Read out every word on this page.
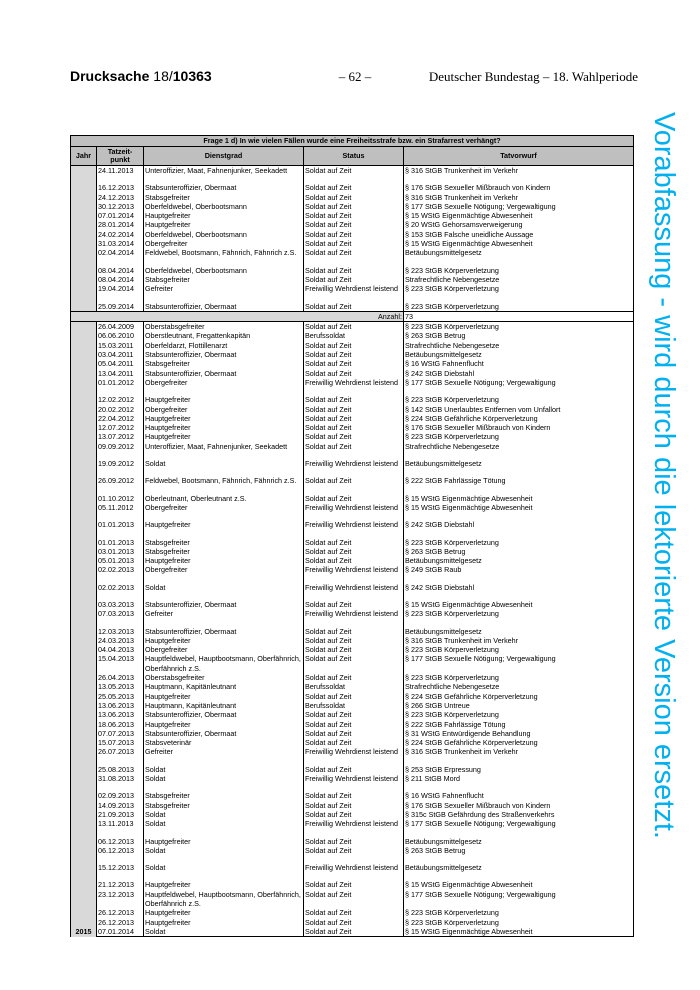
Drucksache 18/10363	– 62 –	Deutscher Bundestag – 18. Wahlperiode
Vorabfassung - wird durch die lektorierte Version ersetzt.
Frage 1 d) In wie vielen Fällen wurde eine Freiheitsstrafe bzw. ein Strafarrest verhängt?				
Jahr	Tatzeit-punkt	Dienstgrad	Status	Tatvorwurf
	24.11.2013	Unteroffizier, Maat, Fahnenjunker, Seekadett	Soldat auf Zeit	§ 316 StGB Trunkenheit im Verkehr

	16.12.2013	Stabsunteroffizier, Obermaat	Soldat auf Zeit	§ 176 StGB Sexueller Mißbrauch von Kindern
	24.12.2013	Stabsgefreiter	Soldat auf Zeit	§ 316 StGB Trunkenheit im Verkehr
	30.12.2013	Oberfeldwebel, Oberbootsmann	Soldat auf Zeit	§ 177 StGB Sexuelle Nötigung; Vergewaltigung
	07.01.2014	Hauptgefreiter	Soldat auf Zeit	§ 15 WStG Eigenmächtige Abwesenheit
	28.01.2014	Hauptgefreiter	Soldat auf Zeit	§ 20 WStG Gehorsamsverweigerung
	24.02.2014	Oberfeldwebel, Oberbootsmann	Soldat auf Zeit	§ 153 StGB Falsche uneidliche Aussage
	31.03.2014	Obergefreiter	Soldat auf Zeit	§ 15 WStG Eigenmächtige Abwesenheit
	02.04.2014	Feldwebel, Bootsmann, Fähnrich, Fähnrich z.S.	Soldat auf Zeit	Betäubungsmittelgesetz

	08.04.2014	Oberfeldwebel, Oberbootsmann	Soldat auf Zeit	§ 223 StGB Körperverletzung
	08.04.2014	Stabsgefreiter	Soldat auf Zeit	Strafrechtliche Nebengesetze
	19.04.2014	Gefreiter	Freiwillig Wehrdienst leistend	§ 223 StGB Körperverletzung

	25.09.2014	Stabsunteroffizier, Obermaat	Soldat auf Zeit	§ 223 StGB Körperverletzung
Anzahl:				73
2015	26.04.2009	Oberstabsgefreiter	Soldat auf Zeit	§ 223 StGB Körperverletzung
	06.06.2010	Oberstleutnant, Fregattenkapitän	Berufssoldat	§ 263 StGB Betrug
	15.03.2011	Oberfeldarzt, Flottillenarzt	Soldat auf Zeit	Strafrechtliche Nebengesetze
	03.04.2011	Stabsunteroffizier, Obermaat	Soldat auf Zeit	Betäubungsmittelgesetz
	05.04.2011	Stabsgefreiter	Soldat auf Zeit	§ 16 WStG Fahnenflucht
	13.04.2011	Stabsunteroffizier, Obermaat	Soldat auf Zeit	§ 242 StGB Diebstahl
	01.01.2012	Obergefreiter	Freiwillig Wehrdienst leistend	§ 177 StGB Sexuelle Nötigung; Vergewaltigung

	12.02.2012	Hauptgefreiter	Soldat auf Zeit	§ 223 StGB Körperverletzung
	20.02.2012	Obergefreiter	Soldat auf Zeit	§ 142 StGB Unerlaubtes Entfernen vom Unfallort
	22.04.2012	Hauptgefreiter	Soldat auf Zeit	§ 224 StGB Gefährliche Körperverletzung
	12.07.2012	Hauptgefreiter	Soldat auf Zeit	§ 176 StGB Sexueller Mißbrauch von Kindern
	13.07.2012	Hauptgefreiter	Soldat auf Zeit	§ 223 StGB Körperverletzung
	09.09.2012	Unteroffizier, Maat, Fahnenjunker, Seekadett	Soldat auf Zeit	Strafrechtliche Nebengesetze

	19.09.2012	Soldat	Freiwillig Wehrdienst leistend	Betäubungsmittelgesetz

	26.09.2012	Feldwebel, Bootsmann, Fähnrich, Fähnrich z.S.	Soldat auf Zeit	§ 222 StGB Fahrlässige Tötung

	01.10.2012	Oberleutnant, Oberleutnant z.S.	Soldat auf Zeit	§ 15 WStG Eigenmächtige Abwesenheit
	05.11.2012	Obergefreiter	Freiwillig Wehrdienst leistend	§ 15 WStG Eigenmächtige Abwesenheit

	01.01.2013	Hauptgefreiter	Freiwillig Wehrdienst leistend	§ 242 StGB Diebstahl

	01.01.2013	Stabsgefreiter	Soldat auf Zeit	§ 223 StGB Körperverletzung
	03.01.2013	Stabsgefreiter	Soldat auf Zeit	§ 263 StGB Betrug
	05.01.2013	Hauptgefreiter	Soldat auf Zeit	Betäubungsmittelgesetz
	02.02.2013	Obergefreiter	Freiwillig Wehrdienst leistend	§ 249 StGB Raub

	02.02.2013	Soldat	Freiwillig Wehrdienst leistend	§ 242 StGB Diebstahl

	03.03.2013	Stabsunteroffizier, Obermaat	Soldat auf Zeit	§ 15 WStG Eigenmächtige Abwesenheit
	07.03.2013	Gefreiter	Freiwillig Wehrdienst leistend	§ 223 StGB Körperverletzung

	12.03.2013	Stabsunteroffizier, Obermaat	Soldat auf Zeit	Betäubungsmittelgesetz
	24.03.2013	Hauptgefreiter	Soldat auf Zeit	§ 316 StGB Trunkenheit im Verkehr
	04.04.2013	Obergefreiter	Soldat auf Zeit	§ 223 StGB Körperverletzung
	15.04.2013	Hauptfeldwebel, Hauptbootsmann, Oberfähnrich, Oberfähnrich z.S.	Soldat auf Zeit	§ 177 StGB Sexuelle Nötigung; Vergewaltigung
	26.04.2013	Oberstabsgefreiter	Soldat auf Zeit	§ 223 StGB Körperverletzung
	13.05.2013	Hauptmann, Kapitänleutnant	Berufssoldat	Strafrechtliche Nebengesetze
	25.05.2013	Hauptgefreiter	Soldat auf Zeit	§ 224 StGB Gefährliche Körperverletzung
	13.06.2013	Hauptmann, Kapitänleutnant	Berufssoldat	§ 266 StGB Untreue
	13.06.2013	Stabsunteroffizier, Obermaat	Soldat auf Zeit	§ 223 StGB Körperverletzung
	18.06.2013	Hauptgefreiter	Soldat auf Zeit	§ 222 StGB Fahrlässige Tötung
	07.07.2013	Stabsunteroffizier, Obermaat	Soldat auf Zeit	§ 31 WStG Entwürdigende Behandlung
	15.07.2013	Stabsveterinär	Soldat auf Zeit	§ 224 StGB Gefährliche Körperverletzung
	26.07.2013	Gefreiter	Freiwillig Wehrdienst leistend	§ 316 StGB Trunkenheit im Verkehr

	25.08.2013	Soldat	Soldat auf Zeit	§ 253 StGB Erpressung
	31.08.2013	Soldat	Freiwillig Wehrdienst leistend	§ 211 StGB Mord

	02.09.2013	Stabsgefreiter	Soldat auf Zeit	§ 16 WStG Fahnenflucht
	14.09.2013	Stabsgefreiter	Soldat auf Zeit	§ 176 StGB Sexueller Mißbrauch von Kindern
	21.09.2013	Soldat	Soldat auf Zeit	§ 315c StGB Gefährdung des Straßenverkehrs
	13.11.2013	Soldat	Freiwillig Wehrdienst leistend	§ 177 StGB Sexuelle Nötigung; Vergewaltigung

	06.12.2013	Hauptgefreiter	Soldat auf Zeit	Betäubungsmittelgesetz
	06.12.2013	Soldat	Soldat auf Zeit	§ 263 StGB Betrug

	15.12.2013	Soldat	Freiwillig Wehrdienst leistend	Betäubungsmittelgesetz

	21.12.2013	Hauptgefreiter	Soldat auf Zeit	§ 15 WStG Eigenmächtige Abwesenheit
	23.12.2013	Hauptfeldwebel, Hauptbootsmann, Oberfähnrich, Oberfähnrich z.S.	Soldat auf Zeit	§ 177 StGB Sexuelle Nötigung; Vergewaltigung
	26.12.2013	Hauptgefreiter	Soldat auf Zeit	§ 223 StGB Körperverletzung
	26.12.2013	Hauptgefreiter	Soldat auf Zeit	§ 223 StGB Körperverletzung
	07.01.2014	Soldat	Soldat auf Zeit	§ 15 WStG Eigenmächtige Abwesenheit
